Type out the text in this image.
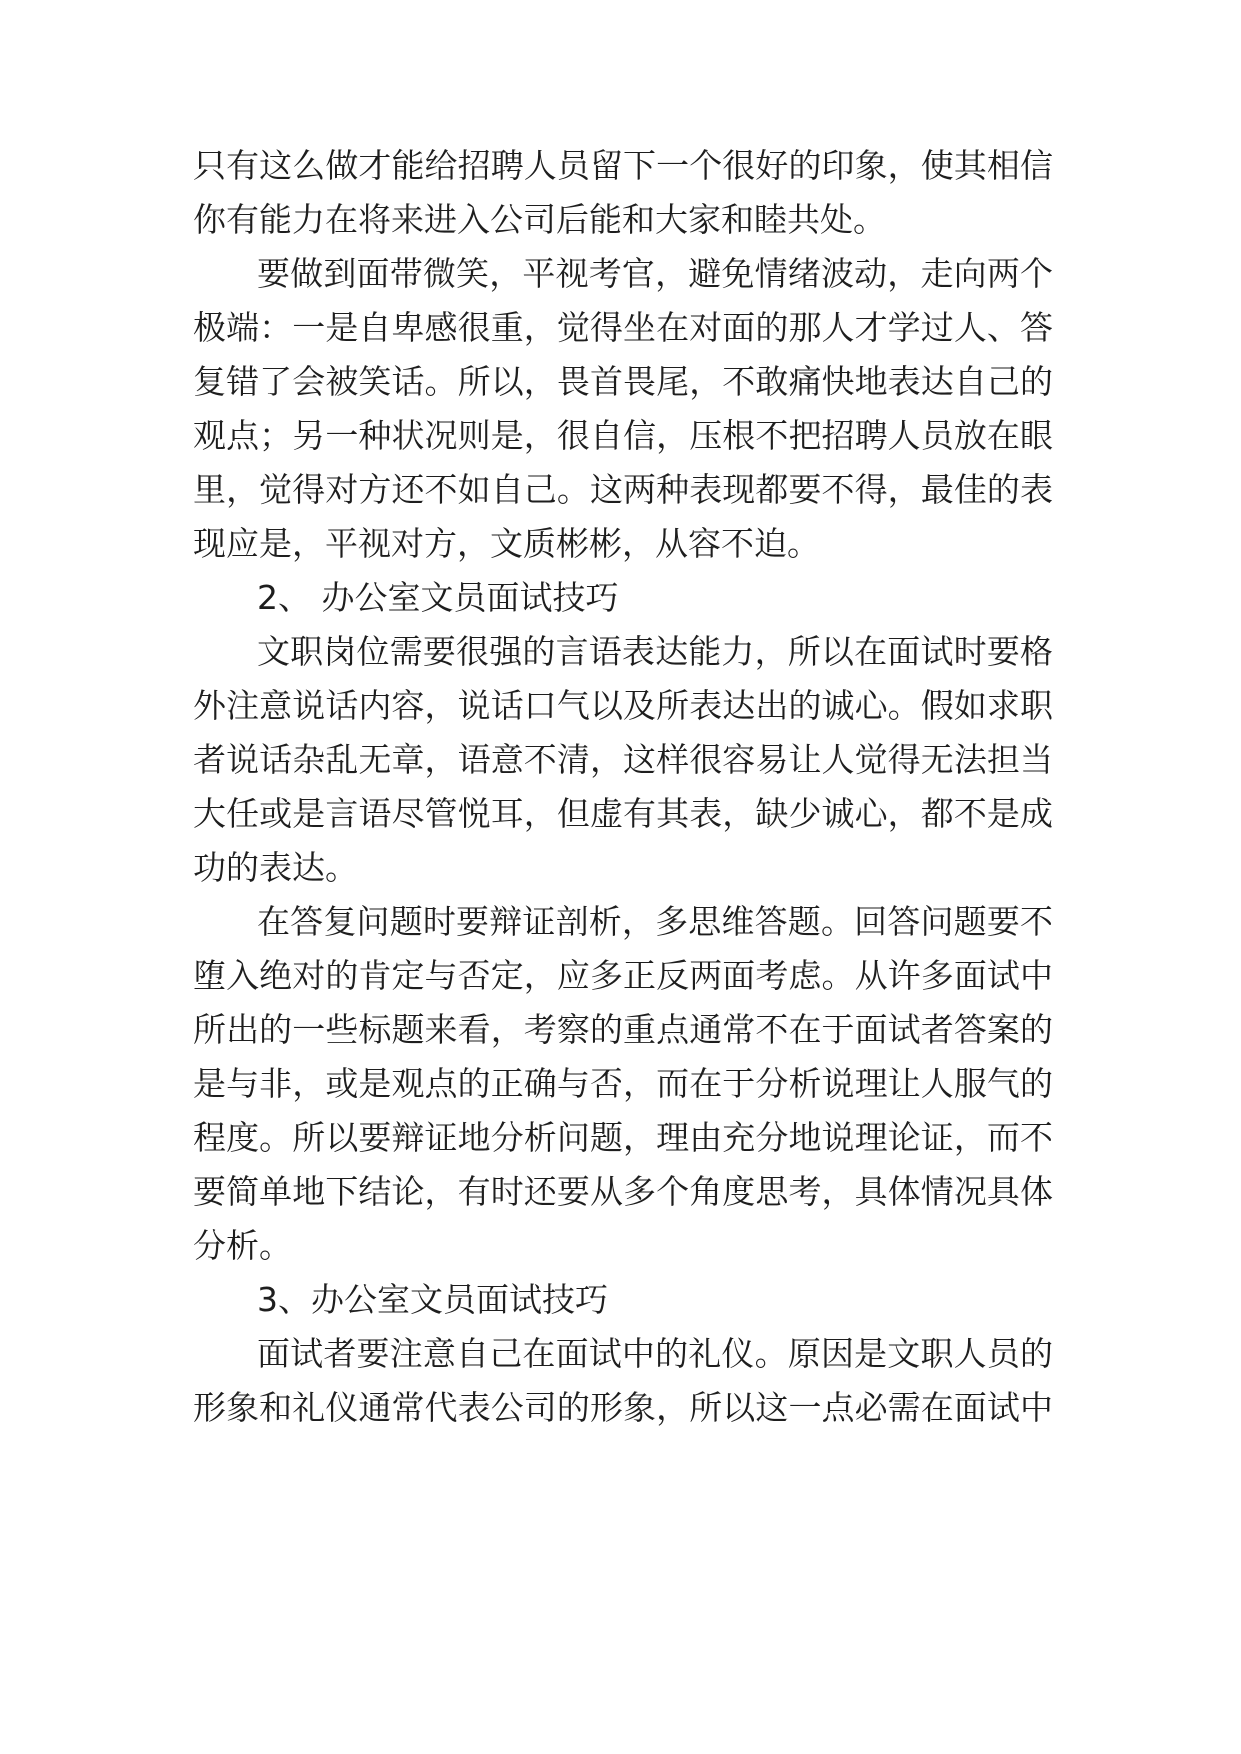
只有这么做才能给招聘人员留下一个很好的印象，使其相信
你有能力在将来进入公司后能和大家和睦共处。
要做到面带微笑，平视考官，避免情绪波动，走向两个
极端：一是自卑感很重，觉得坐在对面的那人才学过人、答
复错了会被笑话。所以，畏首畏尾，不敢痛快地表达自己的
观点；另一种状况则是，很自信，压根不把招聘人员放在眼
里，觉得对方还不如自己。这两种表现都要不得，最佳的表
现应是，平视对方，文质彬彬，从容不迫。
2、 办公室文员面试技巧
文职岗位需要很强的言语表达能力，所以在面试时要格
外注意说话内容，说话口气以及所表达出的诚心。假如求职
者说话杂乱无章，语意不清，这样很容易让人觉得无法担当
大任或是言语尽管悦耳，但虚有其表，缺少诚心，都不是成
功的表达。
在答复问题时要辩证剖析，多思维答题。回答问题要不
堕入绝对的肯定与否定，应多正反两面考虑。从许多面试中
所出的一些标题来看，考察的重点通常不在于面试者答案的
是与非，或是观点的正确与否，而在于分析说理让人服气的
程度。所以要辩证地分析问题，理由充分地说理论证，而不
要简单地下结论，有时还要从多个角度思考，具体情况具体
分析。
3、办公室文员面试技巧
面试者要注意自己在面试中的礼仪。原因是文职人员的
形象和礼仪通常代表公司的形象，所以这一点必需在面试中
